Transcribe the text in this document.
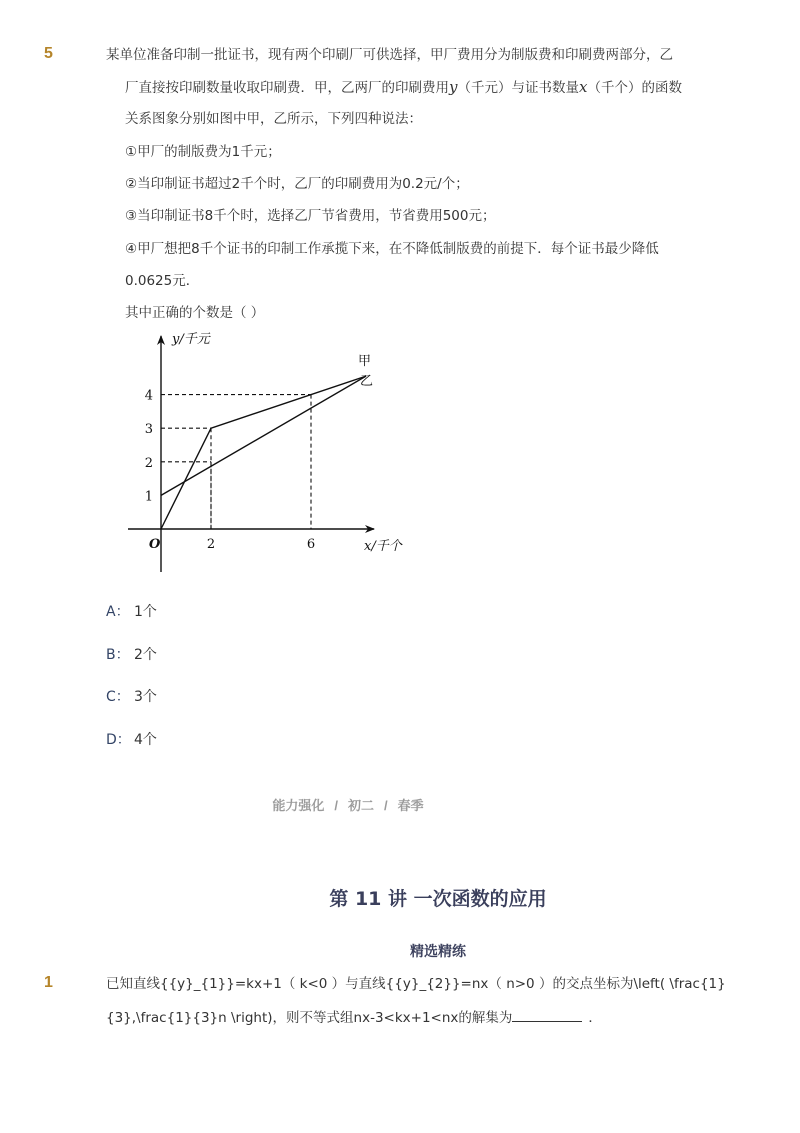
5	某单位准备印制一批证书，现有两个印刷厂可供选择，甲厂费用分为制版费和印刷费两部分，乙
厂直接按印刷数量收取印刷费．甲，乙两厂的印刷费用y（千元）与证书数量x（千个）的函数
关系图象分别如图中甲，乙所示，下列四种说法：
①甲厂的制版费为1千元；
②当印制证书超过2千个时，乙厂的印刷费用为0.2元/个；
③当印制证书8千个时，选择乙厂节省费用，节省费用500元；
④甲厂想把8千个证书的印制工作承揽下来，在不降低制版费的前提下．每个证书最少降低
0.0625元．
其中正确的个数是（ ）
1
2
3
4
2	6
O
y/千元
x/千个
甲
乙
A： 1个
B： 2个
C： 3个
D： 4个
能力强化 / 初二 / 春季
第 11 讲 一次函数的应用
精选精练
1	已知直线{{y}_{1}}=kx+1（ k<0 ）与直线{{y}_{2}}=nx（ n>0 ）的交点坐标为\left( \frac{1}
{3},\frac{1}{3}n \right)，则不等式组nx-3<kx+1<nx的解集为	．
